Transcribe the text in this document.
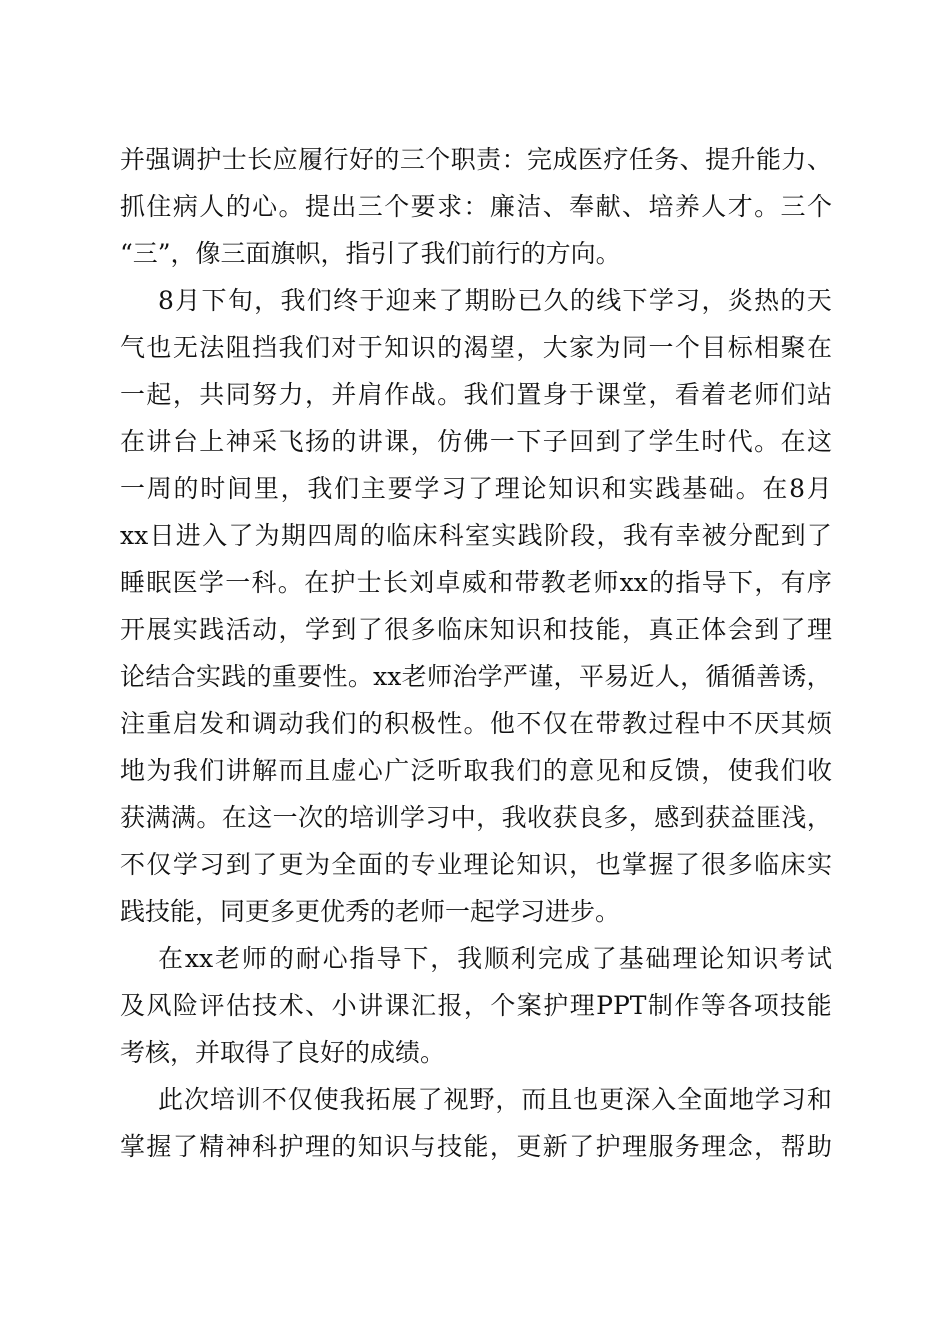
并 强 调 护 士 长 应 履 行 好 的 三 个 职 责 ： 完 成 医 疗 任 务 、 提 升 能 力 、
抓 住 病 人 的 心 。 提 出 三 个 要 求 ： 廉 洁 、 奉 献 、 培 养 人 才 。 三 个
“三”，像三面旗帜，指引了我们前行的方向。
8 月 下 旬 ， 我 们 终 于 迎 来 了 期 盼 已 久 的 线 下 学 习 ， 炎 热 的 天
气 也 无 法 阻 挡 我 们 对 于 知 识 的 渴 望 ， 大 家 为 同 一 个 目 标 相 聚 在
一 起 ， 共 同 努 力 ， 并 肩 作 战 。 我 们 置 身 于 课 堂 ， 看 着 老 师 们 站
在 讲 台 上 神 采 飞 扬 的 讲 课 ， 仿 佛 一 下 子 回 到 了 学 生 时 代 。 在 这
一 周 的 时 间 里 ， 我 们 主 要 学 习 了 理 论 知 识 和 实 践 基 础 。 在 8 月
xx 日 进 入 了 为 期 四 周 的 临 床 科 室 实 践 阶 段 ， 我 有 幸 被 分 配 到 了
睡 眠 医 学 一 科 。 在 护 士 长 刘 卓 威 和 带 教 老 师 xx 的 指 导 下 ， 有 序
开 展 实 践 活 动 ， 学 到 了 很 多 临 床 知 识 和 技 能 ， 真 正 体 会 到 了 理
论 结 合 实 践 的 重 要 性 。 xx 老 师 治 学 严 谨 ， 平 易 近 人 ， 循 循 善 诱 ，
注 重 启 发 和 调 动 我 们 的 积 极 性 。 他 不 仅 在 带 教 过 程 中 不 厌 其 烦
地 为 我 们 讲 解 而 且 虚 心 广 泛 听 取 我 们 的 意 见 和 反 馈 ， 使 我 们 收
获 满 满 。 在 这 一 次 的 培 训 学 习 中 ， 我 收 获 良 多 ， 感 到 获 益 匪 浅 ，
不 仅 学 习 到 了 更 为 全 面 的 专 业 理 论 知 识 ， 也 掌 握 了 很 多 临 床 实
践技能，同更多更优秀的老师一起学习进步。
在 xx 老 师 的 耐 心 指 导 下 ， 我 顺 利 完 成 了 基 础 理 论 知 识 考 试
及 风 险 评 估 技 术 、 小 讲 课 汇 报 ， 个 案 护 理 PPT 制 作 等 各 项 技 能
考核，并取得了良好的成绩。
此 次 培 训 不 仅 使 我 拓 展 了 视 野 ， 而 且 也 更 深 入 全 面 地 学 习 和
掌 握 了 精 神 科 护 理 的 知 识 与 技 能 ， 更 新 了 护 理 服 务 理 念 ， 帮 助
